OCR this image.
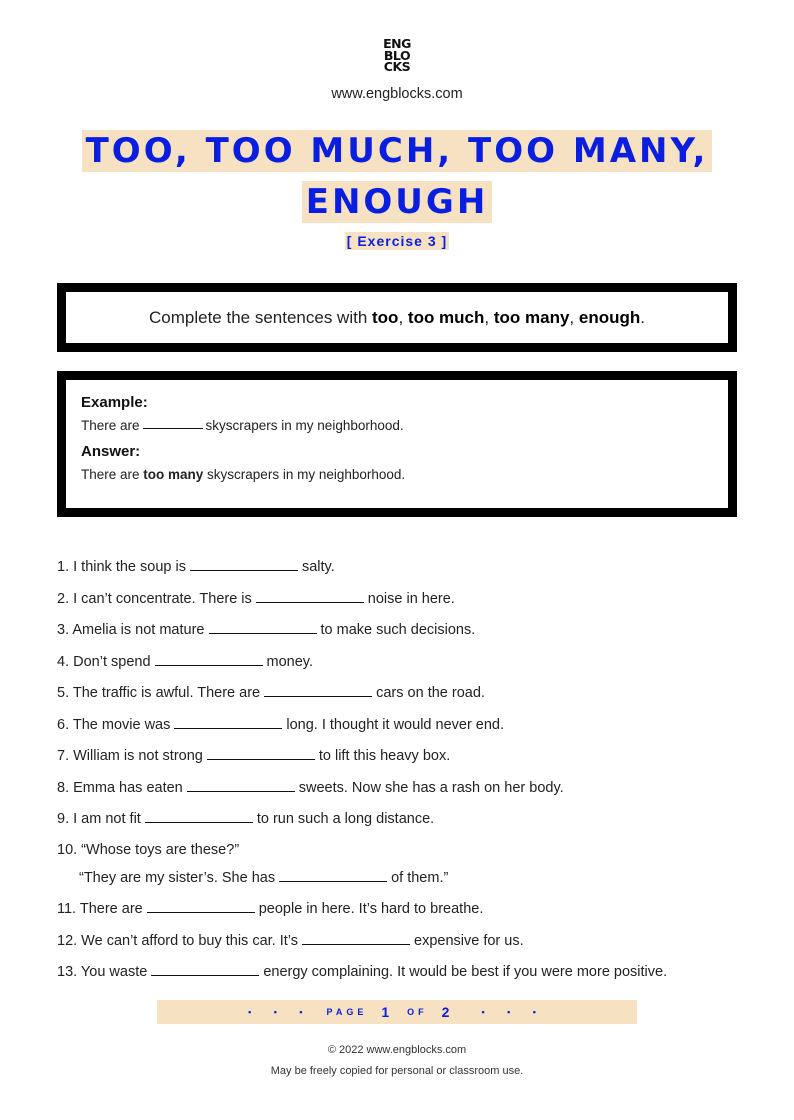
ENG
BLO
CKS
www.engblocks.com
TOO, TOO MUCH, TOO MANY,
ENOUGH
[ Exercise 3 ]
Complete the sentences with too, too much, too many, enough.
Example:
There are	skyscrapers in my neighborhood.
Answer:
There are too many skyscrapers in my neighborhood.
1. I think the soup is	salty.
2. I can’t concentrate. There is	noise in here.
3. Amelia is not mature	to make such decisions.
4. Don’t spend	money.
5. The traffic is awful. There are	cars on the road.
6. The movie was	long. I thought it would never end.
7. William is not strong	to lift this heavy box.
8. Emma has eaten	sweets. Now she has a rash on her body.
9. I am not fit	to run such a long distance.
10. “Whose toys are these?”
“They are my sister’s. She has	of them.”
11. There are	people in here. It’s hard to breathe.
12. We can’t afford to buy this car. It’s	expensive for us.
13. You waste	energy complaining. It would be best if you were more positive.
• • • PAGE 1 OF 2	• • •
© 2022 www.engblocks.com
May be freely copied for personal or classroom use.
